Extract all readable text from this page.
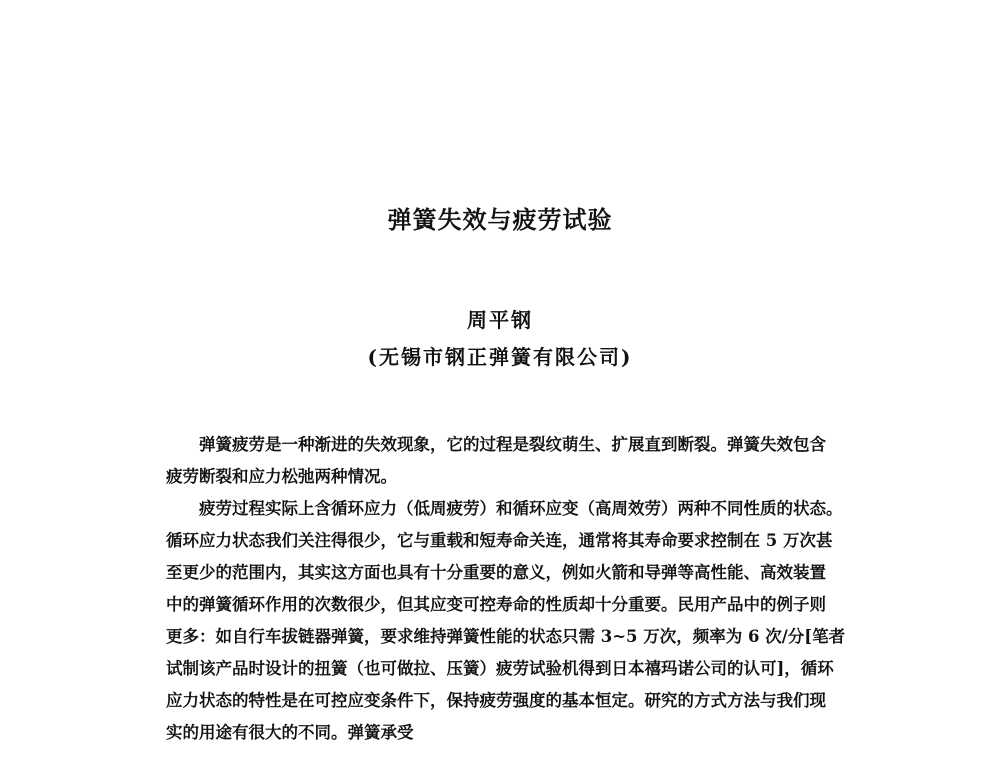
弹簧失效与疲劳试验
周平钢
(无锡市钢正弹簧有限公司)
弹簧疲劳是一种渐进的失效现象，它的过程是裂纹萌生、扩展直到断裂。弹簧失效包含
疲劳断裂和应力松弛两种情况。
疲劳过程实际上含循环应力（低周疲劳）和循环应变（高周效劳）两种不同性质的状态。
循环应力状态我们关注得很少，它与重载和短寿命关连，通常将其寿命要求控制在 5 万次甚
至更少的范围内，其实这方面也具有十分重要的意义，例如火箭和导弹等高性能、高效装置
中的弹簧循环作用的次数很少，但其应变可控寿命的性质却十分重要。民用产品中的例子则
更多：如自行车拔链器弹簧，要求维持弹簧性能的状态只需 3~5 万次，频率为 6 次/分[笔者
试制该产品时设计的扭簧（也可做拉、压簧）疲劳试验机得到日本禧玛诺公司的认可]，循环
应力状态的特性是在可控应变条件下，保持疲劳强度的基本恒定。研究的方式方法与我们现
实的用途有很大的不同。弹簧承受
